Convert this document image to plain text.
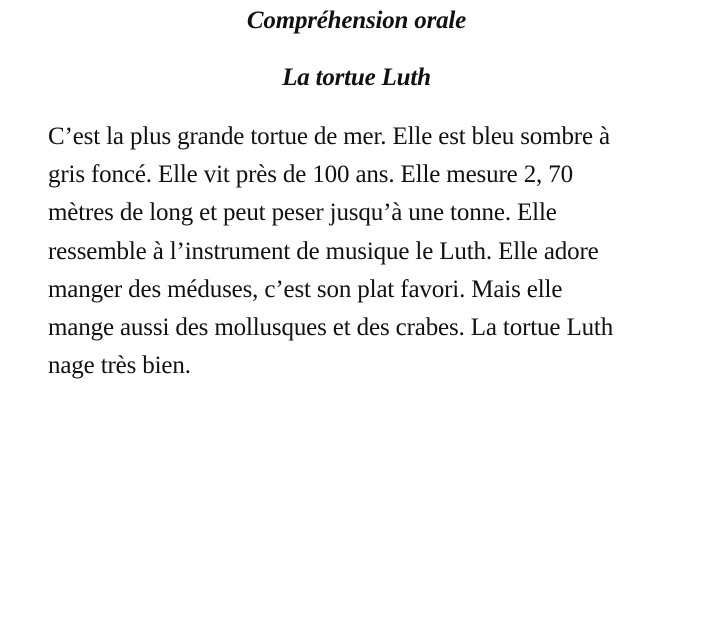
Compréhension orale
La tortue Luth

C’est la plus grande tortue de mer. Elle est bleu sombre à
gris foncé. Elle vit près de 100 ans. Elle mesure 2, 70
mètres de long et peut peser jusqu’à une tonne. Elle
ressemble à l’instrument de musique le Luth. Elle adore
manger des méduses, c’est son plat favori. Mais elle
mange aussi des mollusques et des crabes. La tortue Luth
nage très bien.
